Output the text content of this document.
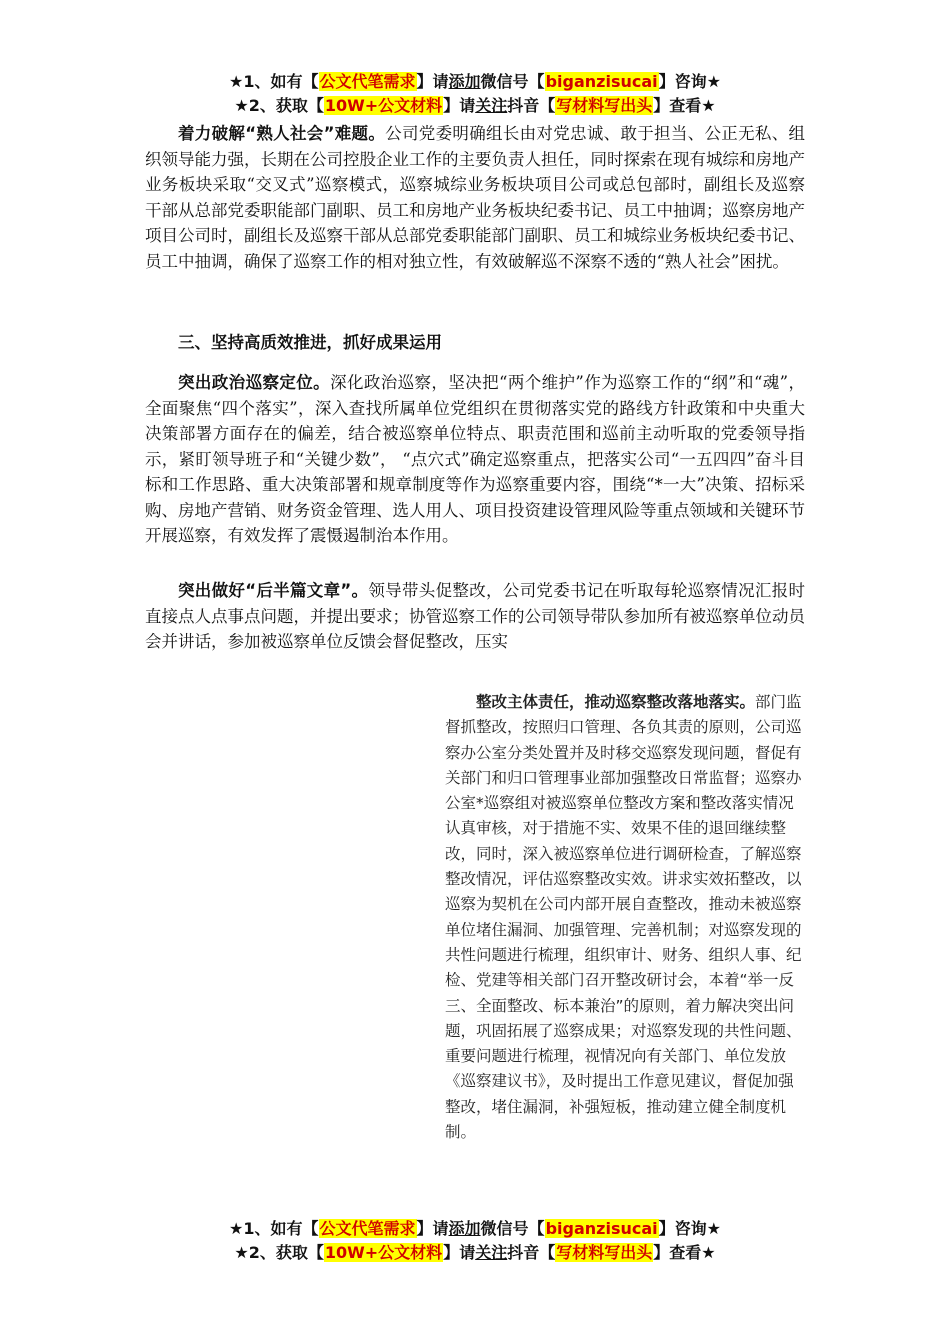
★1、如有【公文代笔需求】请添加微信号【biganzisucai】咨询★
★2、获取【10W+公文材料】请关注抖音【写材料写出头】查看★

着力破解“熟人社会”难题。公司党委明确组长由对党忠诚、敢于担当、公正无私、组织领导能力强，长期在公司控股企业工作的主要负责人担任，同时探索在现有城综和房地产业务板块采取“交叉式”巡察模式，巡察城综业务板块项目公司或总包部时，副组长及巡察干部从总部党委职能部门副职、员工和房地产业务板块纪委书记、员工中抽调；巡察房地产项目公司时，副组长及巡察干部从总部党委职能部门副职、员工和城综业务板块纪委书记、员工中抽调，确保了巡察工作的相对独立性，有效破解巡不深察不透的“熟人社会”困扰。

三、坚持高质效推进，抓好成果运用

突出政治巡察定位。深化政治巡察，坚决把“两个维护”作为巡察工作的“纲”和“魂”，全面聚焦“四个落实”，深入查找所属单位党组织在贯彻落实党的路线方针政策和中央重大决策部署方面存在的偏差，结合被巡察单位特点、职责范围和巡前主动听取的党委领导指示，紧盯领导班子和“关键少数”， “点穴式”确定巡察重点，把落实公司“一五四四”奋斗目标和工作思路、重大决策部署和规章制度等作为巡察重要内容，围绕“*一大”决策、招标采购、房地产营销、财务资金管理、选人用人、项目投资建设管理风险等重点领域和关键环节开展巡察，有效发挥了震慑遏制治本作用。

突出做好“后半篇文章”。领导带头促整改，公司党委书记在听取每轮巡察情况汇报时直接点人点事点问题，并提出要求；协管巡察工作的公司领导带队参加所有被巡察单位动员会并讲话，参加被巡察单位反馈会督促整改，压实

整改主体责任，推动巡察整改落地落实。部门监督抓整改，按照归口管理、各负其责的原则，公司巡察办公室分类处置并及时移交巡察发现问题，督促有关部门和归口管理事业部加强整改日常监督；巡察办公室*巡察组对被巡察单位整改方案和整改落实情况认真审核，对于措施不实、效果不佳的退回继续整改，同时，深入被巡察单位进行调研检查，了解巡察整改情况，评估巡察整改实效。讲求实效拓整改，以巡察为契机在公司内部开展自查整改，推动未被巡察单位堵住漏洞、加强管理、完善机制；对巡察发现的共性问题进行梳理，组织审计、财务、组织人事、纪检、党建等相关部门召开整改研讨会，本着“举一反三、全面整改、标本兼治”的原则，着力解决突出问题，巩固拓展了巡察成果；对巡察发现的共性问题、重要问题进行梳理，视情况向有关部门、单位发放《巡察建议书》，及时提出工作意见建议，督促加强整改，堵住漏洞，补强短板，推动建立健全制度机制。

★1、如有【公文代笔需求】请添加微信号【biganzisucai】咨询★
★2、获取【10W+公文材料】请关注抖音【写材料写出头】查看★
